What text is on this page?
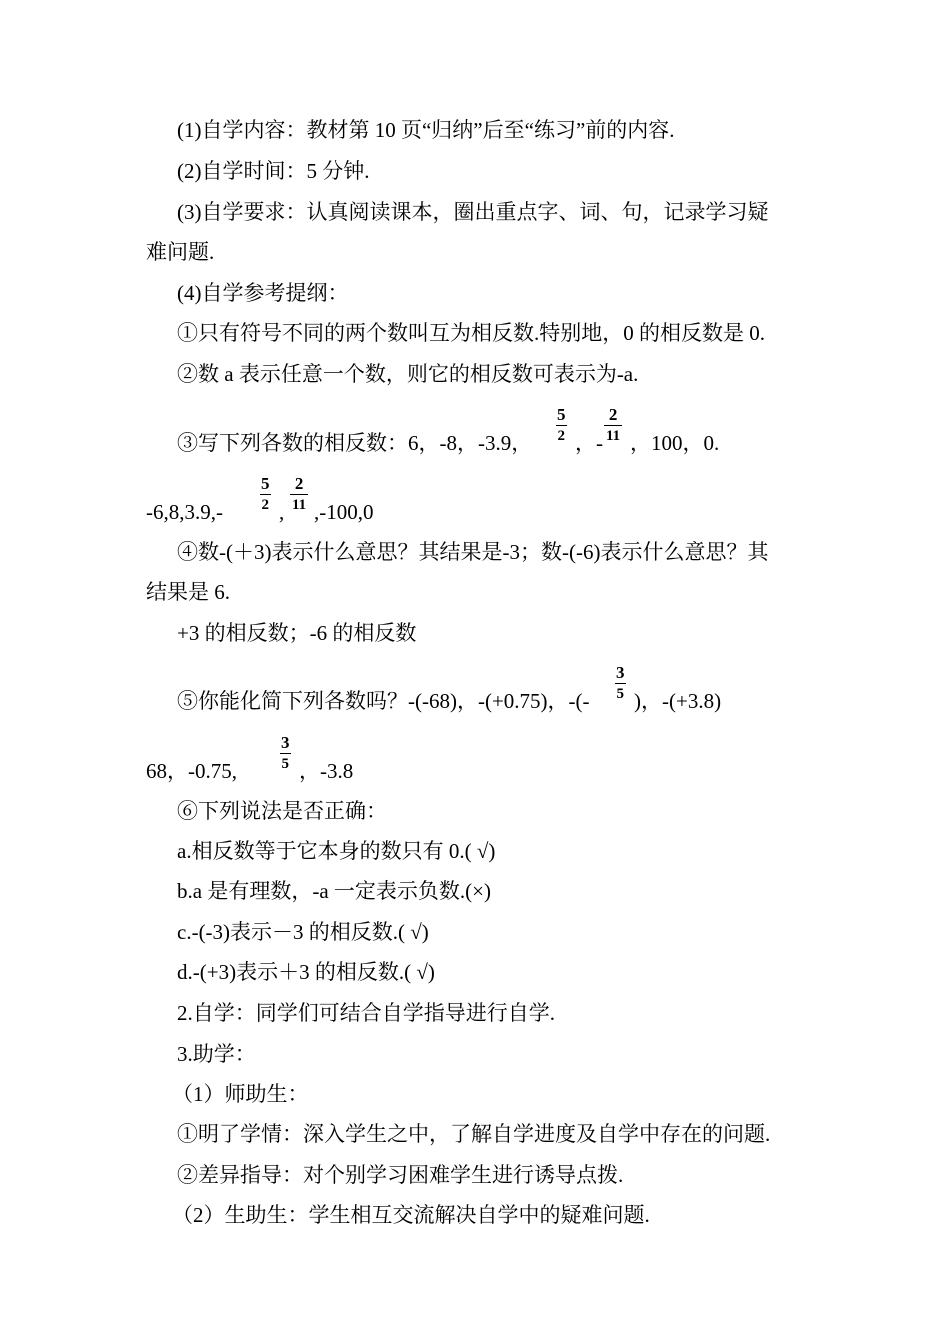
(1)自学内容：教材第 10 页“归纳”后至“练习”前的内容.
(2)自学时间：5 分钟.
(3)自学要求：认真阅读课本，圈出重点字、词、句，记录学习疑
难问题.
(4)自学参考提纲：
①只有符号不同的两个数叫互为相反数.特别地，0 的相反数是 0.
②数 a 表示任意一个数，则它的相反数可表示为-a.
③写下列各数的相反数：6，-8，-3.9， $\frac{5}{2}$ ，- $\frac{2}{11}$ ，100，0.
$-6,8,3.9,- \frac{5}{2}$ , $\frac{2}{11} ,-100,0$
④数-(＋3)表示什么意思？其结果是-3；数-(-6)表示什么意思？其
结果是 6.
+3 的相反数；-6 的相反数
⑤你能化简下列各数吗？-(-68)，-(+0.75)，-(- $\frac{3}{5}$ )，-(+3.8)
68，-0.75, $\frac{3}{5}$ ，-3.8
⑥下列说法是否正确：
a.相反数等于它本身的数只有 0.( √)
b.a 是有理数，-a 一定表示负数.(×)
c.-(-3)表示－3 的相反数.( √)
d.-(+3)表示＋3 的相反数.( √)
2.自学：同学们可结合自学指导进行自学.
3.助学：
（1）师助生：
①明了学情：深入学生之中，了解自学进度及自学中存在的问题.
②差异指导：对个别学习困难学生进行诱导点拨.
（2）生助生：学生相互交流解决自学中的疑难问题.
